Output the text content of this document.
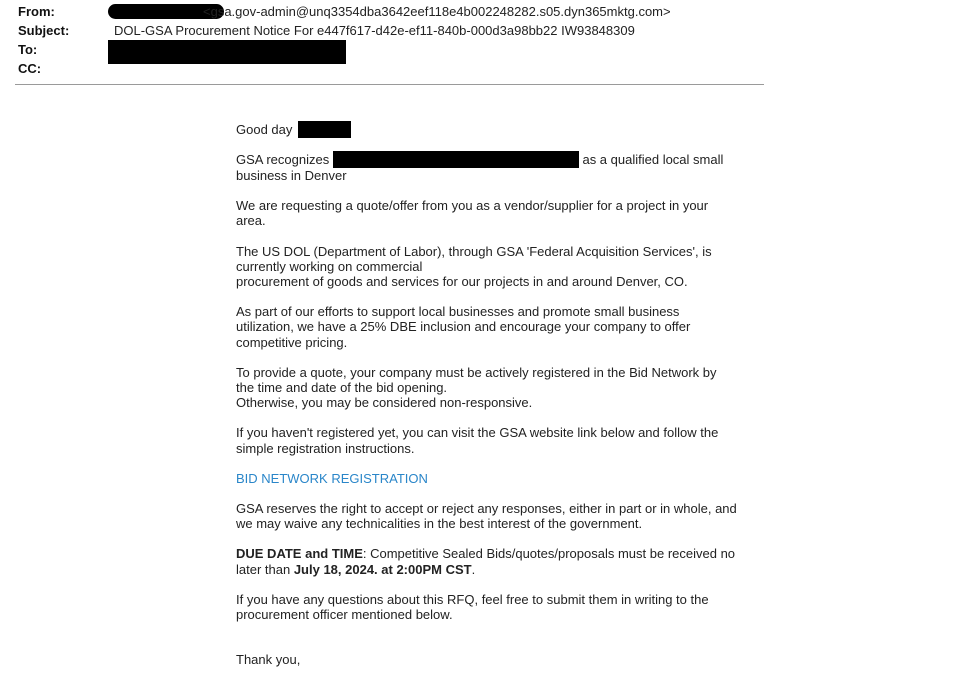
From:	<gsa.gov-admin@unq3354dba3642eef118e4b002248282.s05.dyn365mktg.com>
Subject:	DOL-GSA Procurement Notice For e447f617-d42e-ef11-840b-000d3a98bb22 IW93848309
To:
CC:

Good day

GSA recognizes	as a qualified local small
business in Denver

We are requesting a quote/offer from you as a vendor/supplier for a project in your
area.

The US DOL (Department of Labor), through GSA 'Federal Acquisition Services', is
currently working on commercial
procurement of goods and services for our projects in and around Denver, CO.

As part of our efforts to support local businesses and promote small business
utilization, we have a 25% DBE inclusion and encourage your company to offer
competitive pricing.

To provide a quote, your company must be actively registered in the Bid Network by
the time and date of the bid opening.
Otherwise, you may be considered non-responsive.

If you haven't registered yet, you can visit the GSA website link below and follow the
simple registration instructions.

BID NETWORK REGISTRATION

GSA reserves the right to accept or reject any responses, either in part or in whole, and
we may waive any technicalities in the best interest of the government.

DUE DATE and TIME: Competitive Sealed Bids/quotes/proposals must be received no
later than July 18, 2024. at 2:00PM CST.

If you have any questions about this RFQ, feel free to submit them in writing to the
procurement officer mentioned below.

Thank you,
